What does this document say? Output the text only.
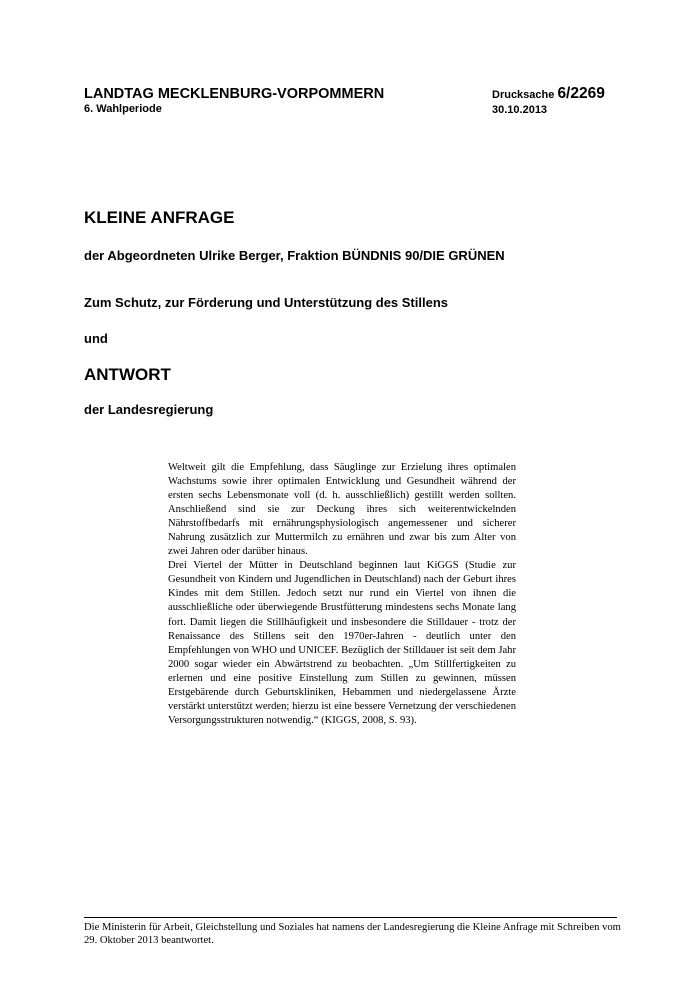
LANDTAG MECKLENBURG-VORPOMMERN
6. Wahlperiode
Drucksache 6/2269
30.10.2013
KLEINE ANFRAGE
der Abgeordneten Ulrike Berger, Fraktion BÜNDNIS 90/DIE GRÜNEN
Zum Schutz, zur Förderung und Unterstützung des Stillens
und
ANTWORT
der Landesregierung

Weltweit gilt die Empfehlung, dass Säuglinge zur Erzielung ihres optimalen Wachstums sowie ihrer optimalen Entwicklung und Gesundheit während der ersten sechs Lebensmonate voll (d. h. ausschließlich) gestillt werden sollten. Anschließend sind sie zur Deckung ihres sich weiterentwickelnden Nährstoffbedarfs mit ernährungsphysiologisch angemessener und sicherer Nahrung zusätzlich zur Muttermilch zu ernähren und zwar bis zum Alter von zwei Jahren oder darüber hinaus.

Drei Viertel der Mütter in Deutschland beginnen laut KiGGS (Studie zur Gesundheit von Kindern und Jugendlichen in Deutschland) nach der Geburt ihres Kindes mit dem Stillen. Jedoch setzt nur rund ein Viertel von ihnen die ausschließliche oder überwiegende Brustfütterung mindestens sechs Monate lang fort. Damit liegen die Stillhäufigkeit und insbesondere die Stilldauer - trotz der Renaissance des Stillens seit den 1970er-Jahren - deutlich unter den Empfehlungen von WHO und UNICEF. Bezüglich der Stilldauer ist seit dem Jahr 2000 sogar wieder ein Abwärtstrend zu beobachten. „Um Stillfertigkeiten zu erlernen und eine positive Einstellung zum Stillen zu gewinnen, müssen Erstgebärende durch Geburtskliniken, Hebammen und niedergelassene Ärzte verstärkt unterstützt werden; hierzu ist eine bessere Vernetzung der verschiedenen Versorgungsstrukturen notwendig.“ (KIGGS, 2008, S. 93).

Die Ministerin für Arbeit, Gleichstellung und Soziales hat namens der Landesregierung die Kleine Anfrage mit Schreiben vom 29. Oktober 2013 beantwortet.
